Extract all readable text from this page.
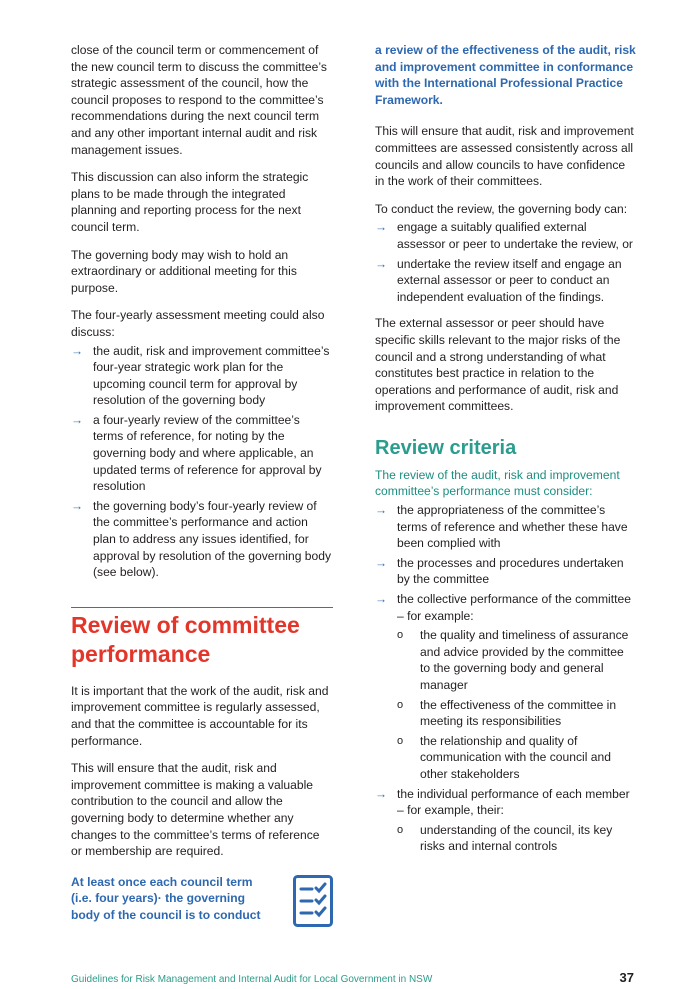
close of the council term or commencement of the new council term to discuss the committee’s strategic assessment of the council, how the council proposes to respond to the committee’s recommendations during the next council term and any other important internal audit and risk management issues.

This discussion can also inform the strategic plans to be made through the integrated planning and reporting process for the next council term.

The governing body may wish to hold an extraordinary or additional meeting for this purpose.

The four-yearly assessment meeting could also discuss:

→ the audit, risk and improvement committee’s four-year strategic work plan for the upcoming council term for approval by resolution of the governing body
→ a four-yearly review of the committee’s terms of reference, for noting by the governing body and where applicable, an updated terms of reference for approval by resolution
→ the governing body’s four-yearly review of the committee’s performance and action plan to address any issues identified, for approval by resolution of the governing body (see below).
Review of committee performance

It is important that the work of the audit, risk and improvement committee is regularly assessed, and that the committee is accountable for its performance.

This will ensure that the audit, risk and improvement committee is making a valuable contribution to the council and allow the governing body to determine whether any changes to the committee’s terms of reference or membership are required.

At least once each council term (i.e. four years)· the governing body of the council is to conduct

a review of the effectiveness of the audit, risk and improvement committee in conformance with the International Professional Practice Framework.

This will ensure that audit, risk and improvement committees are assessed consistently across all councils and allow councils to have confidence in the work of their committees.

To conduct the review, the governing body can:

→ engage a suitably qualified external assessor or peer to undertake the review, or
→ undertake the review itself and engage an external assessor or peer to conduct an independent evaluation of the findings.

The external assessor or peer should have specific skills relevant to the major risks of the council and a strong understanding of what constitutes best practice in relation to the operations and performance of audit, risk and improvement committees.

Review criteria

The review of the audit, risk and improvement committee’s performance must consider:

→ the appropriateness of the committee’s terms of reference and whether these have been complied with
→ the processes and procedures undertaken by the committee
→ the collective performance of the committee – for example:
o the quality and timeliness of assurance and advice provided by the committee to the governing body and general manager
o the effectiveness of the committee in meeting its responsibilities
o the relationship and quality of communication with the council and other stakeholders
→ the individual performance of each member – for example, their:
o understanding of the council, its key risks and internal controls
Guidelines for Risk Management and Internal Audit for Local Government in NSW	37
